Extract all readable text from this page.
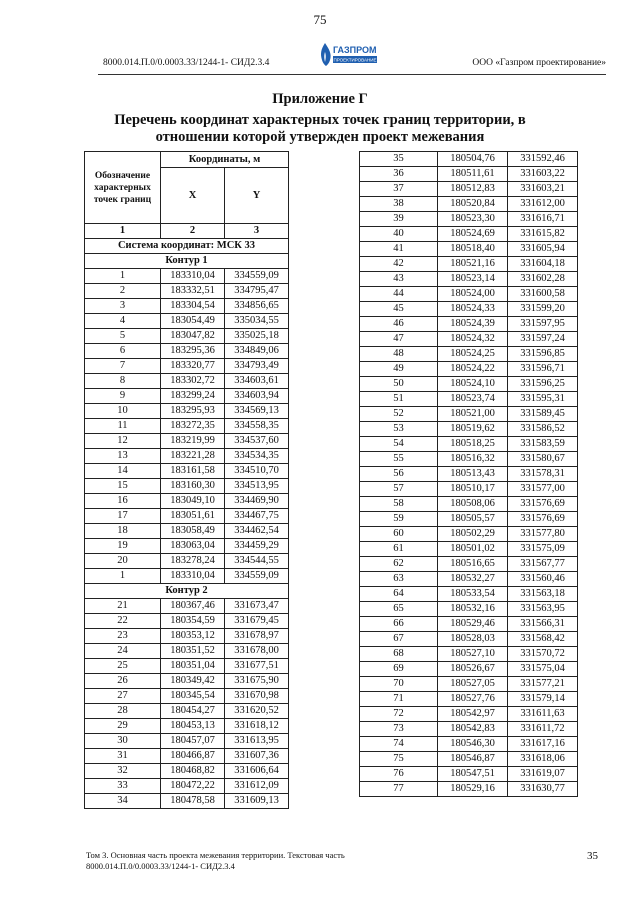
75
8000.014.П.0/0.0003.33/1244-1- СИД2.3.4
ГАЗПРОМ
ПРОЕКТИРОВАНИЕ	ООО «Газпром проектирование»
Приложение Г
Перечень координат характерных точек границ территории, в
отношении которой утвержден проект межевания
Обозначение характерных точек границ	Координаты, м	
	X	Y
1	2	3
Система координат: МСК 33		
Контур 1		
1	183310,04	334559,09
2	183332,51	334795,47
3	183304,54	334856,65
4	183054,49	335034,55
5	183047,82	335025,18
6	183295,36	334849,06
7	183320,77	334793,49
8	183302,72	334603,61
9	183299,24	334603,94
10	183295,93	334569,13
11	183272,35	334558,35
12	183219,99	334537,60
13	183221,28	334534,35
14	183161,58	334510,70
15	183160,30	334513,95
16	183049,10	334469,90
17	183051,61	334467,75
18	183058,49	334462,54
19	183063,04	334459,29
20	183278,24	334544,55
1	183310,04	334559,09
Контур 2		
21	180367,46	331673,47
22	180354,59	331679,45
23	180353,12	331678,97
24	180351,52	331678,00
25	180351,04	331677,51
26	180349,42	331675,90
27	180345,54	331670,98
28	180454,27	331620,52
29	180453,13	331618,12
30	180457,07	331613,95
31	180466,87	331607,36
32	180468,82	331606,64
33	180472,22	331612,09
34	180478,58	331609,13
35	180504,76	331592,46
36	180511,61	331603,22
37	180512,83	331603,21
38	180520,84	331612,00
39	180523,30	331616,71
40	180524,69	331615,82
41	180518,40	331605,94
42	180521,16	331604,18
43	180523,14	331602,28
44	180524,00	331600,58
45	180524,33	331599,20
46	180524,39	331597,95
47	180524,32	331597,24
48	180524,25	331596,85
49	180524,22	331596,71
50	180524,10	331596,25
51	180523,74	331595,31
52	180521,00	331589,45
53	180519,62	331586,52
54	180518,25	331583,59
55	180516,32	331580,67
56	180513,43	331578,31
57	180510,17	331577,00
58	180508,06	331576,69
59	180505,57	331576,69
60	180502,29	331577,80
61	180501,02	331575,09
62	180516,65	331567,77
63	180532,27	331560,46
64	180533,54	331563,18
65	180532,16	331563,95
66	180529,46	331566,31
67	180528,03	331568,42
68	180527,10	331570,72
69	180526,67	331575,04
70	180527,05	331577,21
71	180527,76	331579,14
72	180542,97	331611,63
73	180542,83	331611,72
74	180546,30	331617,16
75	180546,87	331618,06
76	180547,51	331619,07
77	180529,16	331630,77
Том 3. Основная часть проекта межевания территории. Текстовая часть
8000.014.П.0/0.0003.33/1244-1- СИД2.3.4
35
